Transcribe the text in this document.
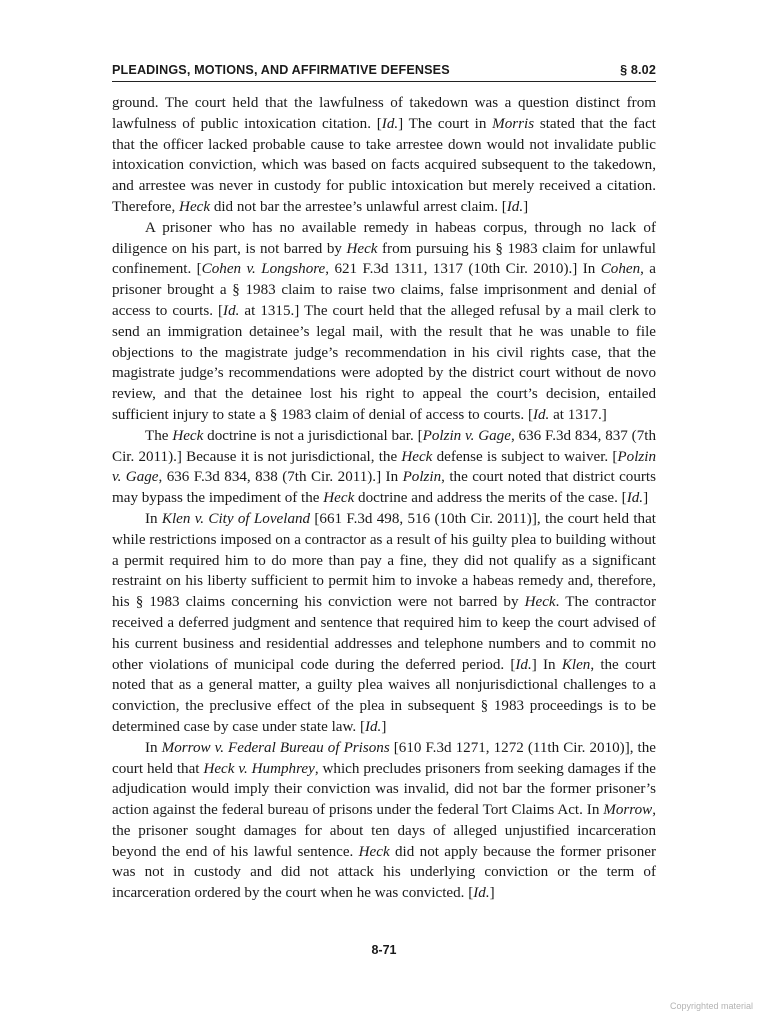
PLEADINGS, MOTIONS, AND AFFIRMATIVE DEFENSES	§ 8.02

ground. The court held that the lawfulness of takedown was a question distinct from lawfulness of public intoxication citation. [Id.] The court in Morris stated that the fact that the officer lacked probable cause to take arrestee down would not invalidate public intoxication conviction, which was based on facts acquired subsequent to the takedown, and arrestee was never in custody for public intoxication but merely received a citation. Therefore, Heck did not bar the arrestee’s unlawful arrest claim. [Id.]

A prisoner who has no available remedy in habeas corpus, through no lack of diligence on his part, is not barred by Heck from pursuing his § 1983 claim for unlawful confinement. [Cohen v. Longshore, 621 F.3d 1311, 1317 (10th Cir. 2010).] In Cohen, a prisoner brought a § 1983 claim to raise two claims, false imprisonment and denial of access to courts. [Id. at 1315.] The court held that the alleged refusal by a mail clerk to send an immigration detainee’s legal mail, with the result that he was unable to file objections to the magistrate judge’s recommendation in his civil rights case, that the magistrate judge’s recommendations were adopted by the district court without de novo review, and that the detainee lost his right to appeal the court’s decision, entailed sufficient injury to state a § 1983 claim of denial of access to courts. [Id. at 1317.]

The Heck doctrine is not a jurisdictional bar. [Polzin v. Gage, 636 F.3d 834, 837 (7th Cir. 2011).] Because it is not jurisdictional, the Heck defense is subject to waiver. [Polzin v. Gage, 636 F.3d 834, 838 (7th Cir. 2011).] In Polzin, the court noted that district courts may bypass the impediment of the Heck doctrine and address the merits of the case. [Id.]

In Klen v. City of Loveland [661 F.3d 498, 516 (10th Cir. 2011)], the court held that while restrictions imposed on a contractor as a result of his guilty plea to building without a permit required him to do more than pay a fine, they did not qualify as a significant restraint on his liberty sufficient to permit him to invoke a habeas remedy and, therefore, his § 1983 claims concerning his conviction were not barred by Heck. The contractor received a deferred judgment and sentence that required him to keep the court advised of his current business and residential addresses and telephone numbers and to commit no other violations of municipal code during the deferred period. [Id.] In Klen, the court noted that as a general matter, a guilty plea waives all nonjurisdictional challenges to a conviction, the preclusive effect of the plea in subsequent § 1983 proceedings is to be determined case by case under state law. [Id.]

In Morrow v. Federal Bureau of Prisons [610 F.3d 1271, 1272 (11th Cir. 2010)], the court held that Heck v. Humphrey, which precludes prisoners from seeking damages if the adjudication would imply their conviction was invalid, did not bar the former prisoner’s action against the federal bureau of prisons under the federal Tort Claims Act. In Morrow, the prisoner sought damages for about ten days of alleged unjustified incarceration beyond the end of his lawful sentence. Heck did not apply because the former prisoner was not in custody and did not attack his underlying conviction or the term of incarceration ordered by the court when he was convicted. [Id.]

8-71
Copyrighted material
